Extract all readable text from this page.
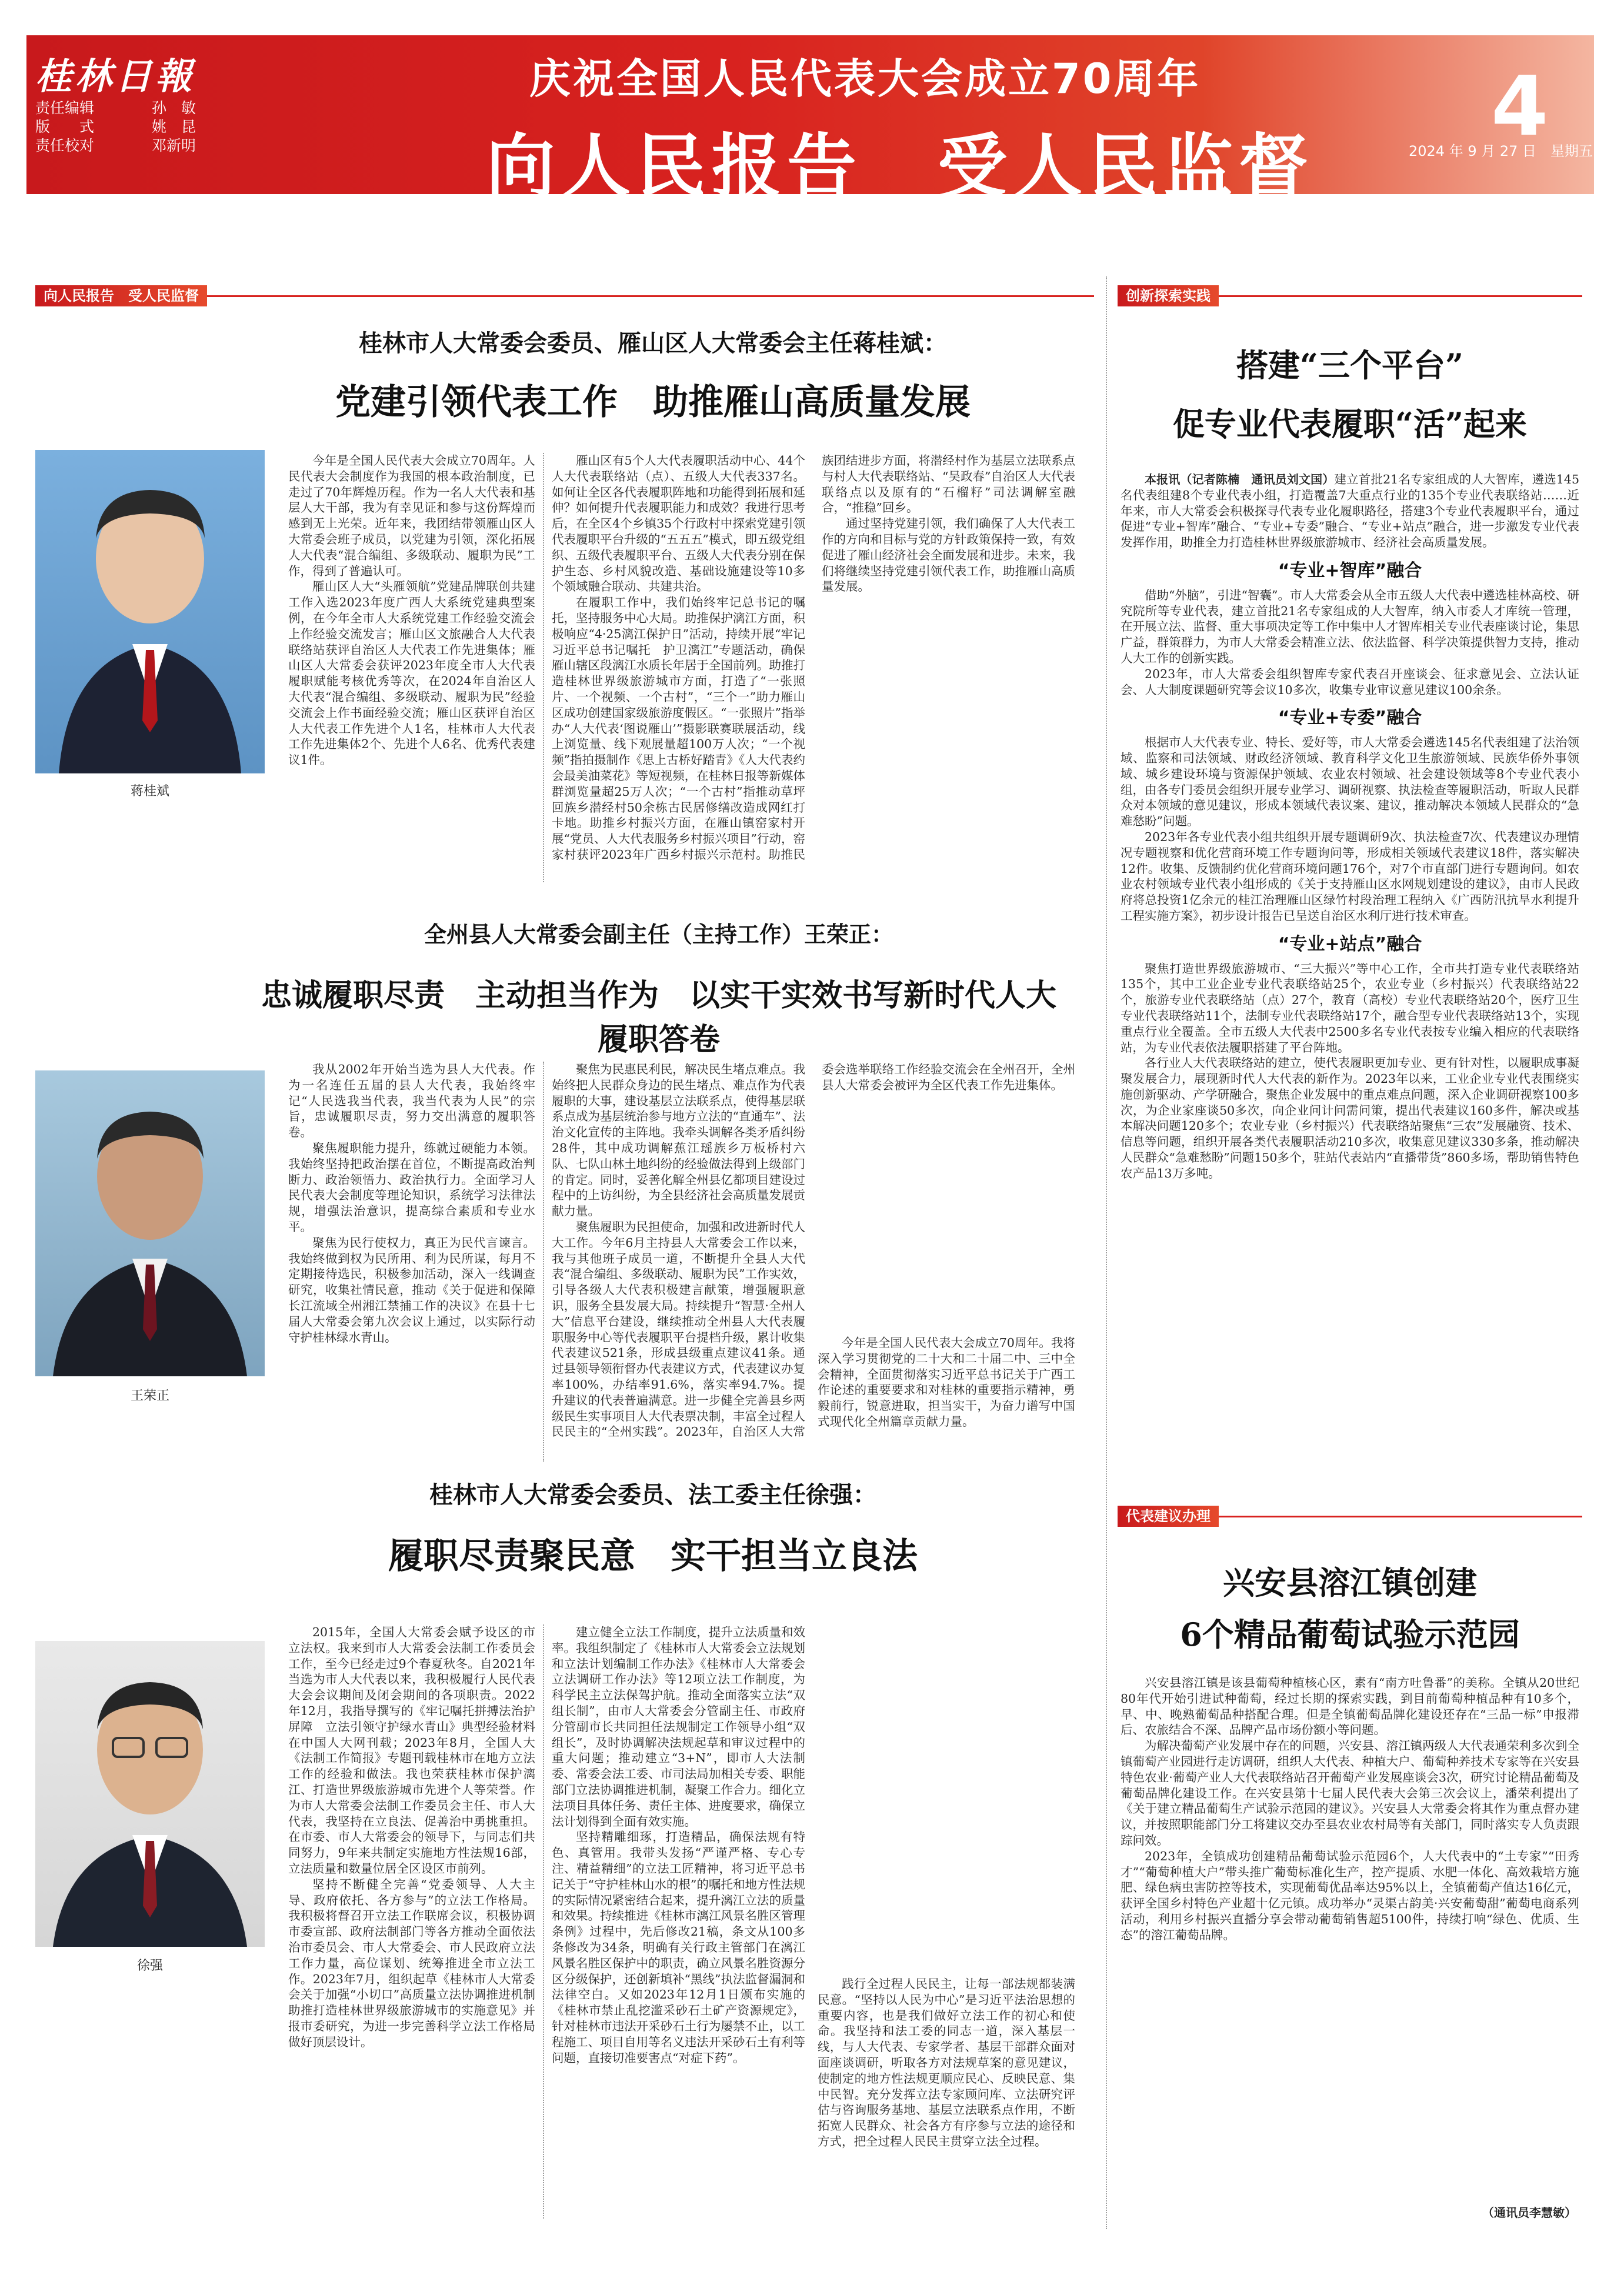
桂林日報
责任编辑	孙　敏
版　　式	姚　昆
责任校对	邓新明
庆祝全国人民代表大会成立70周年
向人民报告　受人民监督
4
2024 年 9 月 27 日　星期五
向人民报告　受人民监督	创新探索实践
代表建议办理
桂林市人大常委会委员、雁山区人大常委会主任蒋桂斌：
党建引领代表工作　助推雁山高质量发展
蒋桂斌

今年是全国人民代表大会成立70周年。人民代表大会制度作为我国的根本政治制度，已走过了70年辉煌历程。作为一名人大代表和基层人大干部，我为有幸见证和参与这份辉煌而感到无上光荣。近年来，我团结带领雁山区人大常委会班子成员，以党建为引领，深化拓展人大代表“混合编组、多级联动、履职为民”工作，得到了普遍认可。

雁山区人大“头雁领航”党建品牌联创共建工作入选2023年度广西人大系统党建典型案例，在今年全市人大系统党建工作经验交流会上作经验交流发言；雁山区文旅融合人大代表联络站获评自治区人大代表工作先进集体；雁山区人大常委会获评2023年度全市人大代表履职赋能考核优秀等次，在2024年自治区人大代表“混合编组、多级联动、履职为民”经验交流会上作书面经验交流；雁山区获评自治区人大代表工作先进个人1名，桂林市人大代表工作先进集体2个、先进个人6名、优秀代表建议1件。

雁山区有5个人大代表履职活动中心、44个人大代表联络站（点）、五级人大代表337名。如何让全区各代表履职阵地和功能得到拓展和延伸？如何提升代表履职能力和成效？我进行思考后，在全区4个乡镇35个行政村中探索党建引领代表履职平台升级的“五五五”模式，即五级党组织、五级代表履职平台、五级人大代表分别在保护生态、乡村风貌改造、基础设施建设等10多个领域融合联动、共建共治。

在履职工作中，我们始终牢记总书记的嘱托，坚持服务中心大局。助推保护漓江方面，积极响应“4·25漓江保护日”活动，持续开展“牢记习近平总书记嘱托　护卫漓江”专题活动，确保雁山辖区段漓江水质长年居于全国前列。助推打造桂林世界级旅游城市方面，打造了“一张照片、一个视频、一个古村”，“三个一”助力雁山区成功创建国家级旅游度假区。“一张照片”指举办“人大代表‘图说雁山’”摄影联赛联展活动，线上浏览量、线下观展量超100万人次；“一个视频”指拍摄制作《思上古桥好踏青》《人大代表约会最美油菜花》等短视频，在桂林日报等新媒体群浏览量超25万人次；“一个古村”指推动草坪回族乡潜经村50余栋古民居修缮改造成网红打卡地。助推乡村振兴方面，在雁山镇窑家村开展“党员、人大代表服务乡村振兴项目”行动，窑家村获评2023年广西乡村振兴示范村。助推民族团结进步方面，将潜经村作为基层立法联系点与村人大代表联络站、“吴政春”自治区人大代表联络点以及原有的“石榴籽”司法调解室融合，“推稳”回乡。

通过坚持党建引领，我们确保了人大代表工作的方向和目标与党的方针政策保持一致，有效促进了雁山经济社会全面发展和进步。未来，我们将继续坚持党建引领代表工作，助推雁山高质量发展。

全州县人大常委会副主任（主持工作）王荣正：
忠诚履职尽责　主动担当作为　以实干实效书写新时代人大履职答卷
王荣正

我从2002年开始当选为县人大代表。作为一名连任五届的县人大代表，我始终牢记“人民选我当代表，我当代表为人民”的宗旨，忠诚履职尽责，努力交出满意的履职答卷。

聚焦履职能力提升，练就过硬能力本领。我始终坚持把政治摆在首位，不断提高政治判断力、政治领悟力、政治执行力。全面学习人民代表大会制度等理论知识，系统学习法律法规，增强法治意识，提高综合素质和专业水平。

聚焦为民行使权力，真正为民代言谏言。我始终做到权为民所用、利为民所谋，每月不定期接待选民，积极参加活动，深入一线调查研究，收集社情民意，推动《关于促进和保障长江流域全州湘江禁捕工作的决议》在县十七届人大常委会第九次会议上通过，以实际行动守护桂林绿水青山。

聚焦为民惠民利民，解决民生堵点难点。我始终把人民群众身边的民生堵点、难点作为代表履职的大事，建设基层立法联系点，使得基层联系点成为基层统治参与地方立法的“直通车”、法治文化宣传的主阵地。我牵头调解各类矛盾纠纷28件，其中成功调解蕉江瑶族乡万板桥村六队、七队山林土地纠纷的经验做法得到上级部门的肯定。同时，妥善化解全州县亿都项目建设过程中的上访纠纷，为全县经济社会高质量发展贡献力量。

聚焦履职为民担使命，加强和改进新时代人大工作。今年6月主持县人大常委会工作以来，我与其他班子成员一道，不断提升全县人大代表“混合编组、多级联动、履职为民”工作实效，引导各级人大代表积极建言献策，增强履职意识，服务全县发展大局。持续提升“智慧·全州人大”信息平台建设，继续推动全州县人大代表履职服务中心等代表履职平台提档升级，累计收集代表建议521条，形成县级重点建议41条。通过县领导领衔督办代表建议方式，代表建议办复率100%，办结率91.6%，落实率94.7%。提升建议的代表普遍满意。进一步健全完善县乡两级民生实事项目人大代表票决制，丰富全过程人民民主的“全州实践”。2023年，自治区人大常委会选举联络工作经验交流会在全州召开，全州县人大常委会被评为全区代表工作先进集体。

今年是全国人民代表大会成立70周年。我将深入学习贯彻党的二十大和二十届二中、三中全会精神，全面贯彻落实习近平总书记关于广西工作论述的重要要求和对桂林的重要指示精神，勇毅前行，锐意进取，担当实干，为奋力谱写中国式现代化全州篇章贡献力量。

桂林市人大常委会委员、法工委主任徐强：
履职尽责聚民意　实干担当立良法
徐强

2015年，全国人大常委会赋予设区的市立法权。我来到市人大常委会法制工作委员会工作，至今已经走过9个春夏秋冬。自2021年当选为市人大代表以来，我积极履行人民代表大会会议期间及闭会期间的各项职责。2022年12月，我指导撰写的《牢记嘱托拼搏法治护屏障　立法引领守护绿水青山》典型经验材料在中国人大网刊载；2023年8月，全国人大《法制工作简报》专题刊载桂林市在地方立法工作的经验和做法。我也荣获桂林市保护漓江、打造世界级旅游城市先进个人等荣誉。作为市人大常委会法制工作委员会主任、市人大代表，我坚持在立良法、促善治中勇挑重担。在市委、市人大常委会的领导下，与同志们共同努力，9年来共制定实施地方性法规16部，立法质量和数量位居全区设区市前列。

坚持不断健全完善“党委领导、人大主导、政府依托、各方参与”的立法工作格局。我积极将督召开立法工作联席会议，积极协调市委宣部、政府法制部门等各方推动全面依法治市委员会、市人大常委会、市人民政府立法工作力量，高位谋划、统筹推进全市立法工作。2023年7月，组织起草《桂林市人大常委会关于加强“小切口”高质量立法协调推进机制　助推打造桂林世界级旅游城市的实施意见》并报市委研究，为进一步完善科学立法工作格局做好顶层设计。

建立健全立法工作制度，提升立法质量和效率。我组织制定了《桂林市人大常委会立法规划和立法计划编制工作办法》《桂林市人大常委会立法调研工作办法》等12项立法工作制度，为科学民主立法保驾护航。推动全面落实立法“双组长制”，由市人大常委会分管副主任、市政府分管副市长共同担任法规制定工作领导小组“双组长”，及时协调解决法规起草和审议过程中的重大问题；推动建立“3+N”，即市人大法制委、常委会法工委、市司法局加相关专委、职能部门立法协调推进机制，凝聚工作合力。细化立法项目具体任务、责任主体、进度要求，确保立法计划得到全面有效实施。

坚持精雕细琢，打造精品，确保法规有特色、真管用。我带头发扬“严谨严格、专心专注、精益精细”的立法工匠精神，将习近平总书记关于“守护桂林山水的根”的嘱托和地方性法规的实际情况紧密结合起来，提升漓江立法的质量和效果。持续推进《桂林市漓江风景名胜区管理条例》过程中，先后修改21稿，条文从100多条修改为34条，明确有关行政主管部门在漓江风景名胜区保护中的职责，确立风景名胜资源分区分级保护，还创新填补“黑线”执法监督漏洞和法律空白。又如2023年12月1日颁布实施的《桂林市禁止乱挖滥采砂石土矿产资源规定》，针对桂林市违法开采砂石土行为屡禁不止，以工程施工、项目自用等名义违法开采砂石土有利等问题，直接切准要害点“对症下药”。

践行全过程人民民主，让每一部法规都装满民意。“坚持以人民为中心”是习近平法治思想的重要内容，也是我们做好立法工作的初心和使命。我坚持和法工委的同志一道，深入基层一线，与人大代表、专家学者、基层干部群众面对面座谈调研，听取各方对法规草案的意见建议，使制定的地方性法规更顺应民心、反映民意、集中民智。充分发挥立法专家顾问库、立法研究评估与咨询服务基地、基层立法联系点作用，不断拓宽人民群众、社会各方有序参与立法的途径和方式，把全过程人民民主贯穿立法全过程。

搭建“三个平台”
促专业代表履职“活”起来

本报讯（记者陈楠　通讯员刘文国）建立首批21名专家组成的人大智库，遴选145名代表组建8个专业代表小组，打造覆盖7大重点行业的135个专业代表联络站……近年来，市人大常委会积极探寻代表专业化履职路径，搭建3个专业代表履职平台，通过促进“专业+智库”融合、“专业+专委”融合、“专业+站点”融合，进一步激发专业代表发挥作用，助推全力打造桂林世界级旅游城市、经济社会高质量发展。

“专业+智库”融合

借助“外脑”，引进“智囊”。市人大常委会从全市五级人大代表中遴选桂林高校、研究院所等专业代表，建立首批21名专家组成的人大智库，纳入市委人才库统一管理，在开展立法、监督、重大事项决定等工作中集中人才智库相关专业代表座谈讨论，集思广益，群策群力，为市人大常委会精准立法、依法监督、科学决策提供智力支持，推动人大工作的创新实践。

2023年，市人大常委会组织智库专家代表召开座谈会、征求意见会、立法认证会、人大制度课题研究等会议10多次，收集专业审议意见建议100余条。

“专业+专委”融合

根据市人大代表专业、特长、爱好等，市人大常委会遴选145名代表组建了法治领域、监察和司法领域、财政经济领域、教育科学文化卫生旅游领域、民族华侨外事领域、城乡建设环境与资源保护领域、农业农村领域、社会建设领域等8个专业代表小组，由各专门委员会组织开展专业学习、调研视察、执法检查等履职活动，听取人民群众对本领域的意见建议，形成本领域代表议案、建议，推动解决本领域人民群众的“急难愁盼”问题。

2023年各专业代表小组共组织开展专题调研9次、执法检查7次、代表建议办理情况专题视察和优化营商环境工作专题询问等，形成相关领域代表建议18件，落实解决12件。收集、反馈制约优化营商环境问题176个，对7个市直部门进行专题询问。如农业农村领域专业代表小组形成的《关于支持雁山区水网规划建设的建议》，由市人民政府将总投资1亿余元的桂江治理雁山区绿竹村段治理工程纳入《广西防汛抗旱水利提升工程实施方案》，初步设计报告已呈送自治区水利厅进行技术审查。

“专业+站点”融合

聚焦打造世界级旅游城市、“三大振兴”等中心工作，全市共打造专业代表联络站135个，其中工业企业专业代表联络站25个，农业专业（乡村振兴）代表联络站22个，旅游专业代表联络站（点）27个，教育（高校）专业代表联络站20个，医疗卫生专业代表联络站11个，法制专业代表联络站17个，融合型专业代表联络站13个，实现重点行业全覆盖。全市五级人大代表中2500多名专业代表按专业编入相应的代表联络站，为专业代表依法履职搭建了平台阵地。

各行业人大代表联络站的建立，使代表履职更加专业、更有针对性，以履职成事凝聚发展合力，展现新时代人大代表的新作为。2023年以来，工业企业专业代表围绕实施创新驱动、产学研融合，聚焦企业发展中的重点难点问题，深入企业调研视察100多次，为企业家座谈50多次，向企业问计问需问策，提出代表建议160多件，解决或基本解决问题120多个；农业专业（乡村振兴）代表联络站聚焦“三农”发展融资、技术、信息等问题，组织开展各类代表履职活动210多次，收集意见建议330多条，推动解决人民群众“急难愁盼”问题150多个，驻站代表站内“直播带货”860多场，帮助销售特色农产品13万多吨。

兴安县溶江镇创建
6个精品葡萄试验示范园

兴安县溶江镇是该县葡萄种植核心区，素有“南方吐鲁番”的美称。全镇从20世纪80年代开始引进试种葡萄，经过长期的探索实践，到目前葡萄种植品种有10多个，早、中、晚熟葡萄品种搭配合理。但是全镇葡萄品牌化建设还存在“三品一标”申报滞后、农旅结合不深、品牌产品市场份额小等问题。

为解决葡萄产业发展中存在的问题，兴安县、溶江镇两级人大代表通荣利多次到全镇葡萄产业园进行走访调研，组织人大代表、种植大户、葡萄种养技术专家等在兴安县特色农业·葡萄产业人大代表联络站召开葡萄产业发展座谈会3次，研究讨论精品葡萄及葡萄品牌化建设工作。在兴安县第十七届人民代表大会第三次会议上，潘荣利提出了《关于建立精品葡萄生产试验示范园的建议》。兴安县人大常委会将其作为重点督办建议，并按照职能部门分工将建议交办至县农业农村局等有关部门，同时落实专人负责跟踪问效。

2023年，全镇成功创建精品葡萄试验示范园6个，人大代表中的“土专家”“田秀才”“葡萄种植大户”带头推广葡萄标准化生产，控产提质、水肥一体化、高效栽培方施肥、绿色病虫害防控等技术，实现葡萄优品率达95%以上，全镇葡萄产值达16亿元，获评全国乡村特色产业超十亿元镇。成功举办“灵渠古韵美·兴安葡萄甜”葡萄电商系列活动，利用乡村振兴直播分享会带动葡萄销售超5100件，持续打响“绿色、优质、生态”的溶江葡萄品牌。

（通讯员李慧敏）
